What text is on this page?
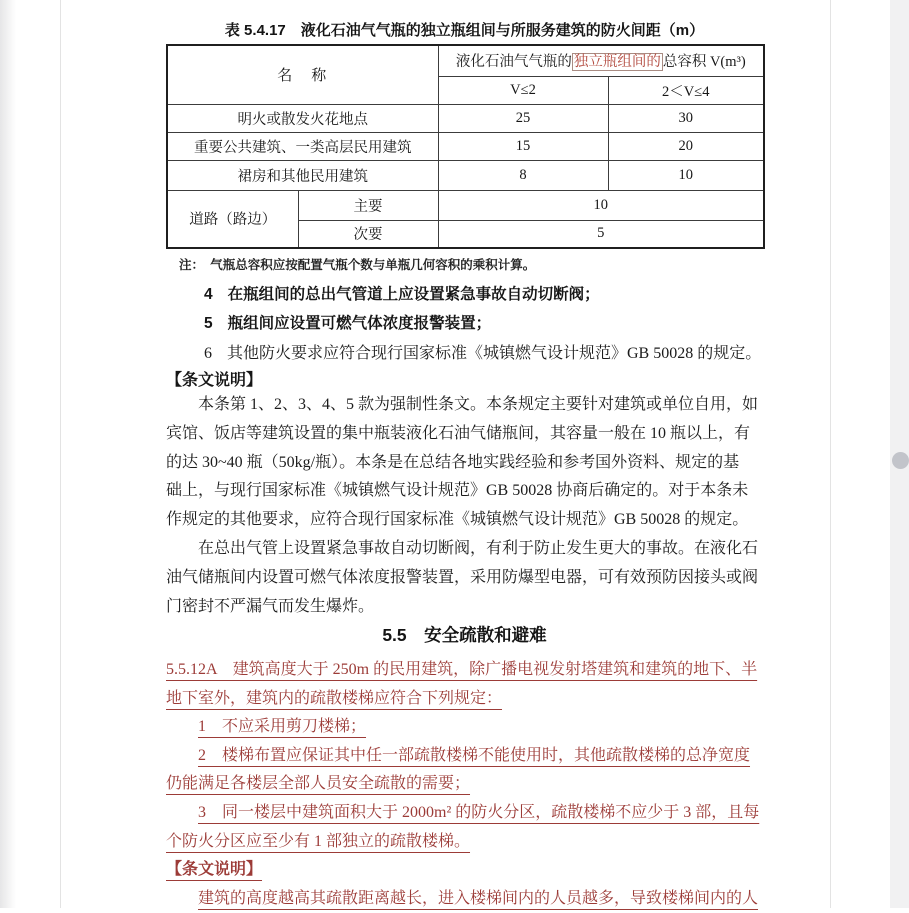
表 5.4.17　液化石油气气瓶的独立瓶组间与所服务建筑的防火间距（m）
名　称		液化石油气气瓶的 独立瓶组间的 总容积 V(m³)	
		V≤2	2＜V≤4
明火或散发火花地点		25	30
重要公共建筑、一类高层民用建筑		15	20
裙房和其他民用建筑		8	10
道路（路边）	主要	10	
	次要	5	
注：　气瓶总容积应按配置气瓶个数与单瓶几何容积的乘积计算。
4 在瓶组间的总出气管道上应设置紧急事故自动切断阀；
5 瓶组间应设置可燃气体浓度报警装置；
6 其他防火要求应符合现行国家标准《城镇燃气设计规范》GB 50028 的规定。
【条文说明】
本条第 1、2、3、4、5 款为强制性条文。本条规定主要针对建筑或单位自用，如
宾馆、饭店等建筑设置的集中瓶装液化石油气储瓶间，其容量一般在 10 瓶以上，有
的达 30~40 瓶（50kg/瓶）。本条是在总结各地实践经验和参考国外资料、规定的基
础上，与现行国家标准《城镇燃气设计规范》GB 50028 协商后确定的。对于本条未
作规定的其他要求，应符合现行国家标准《城镇燃气设计规范》GB 50028 的规定。
在总出气管上设置紧急事故自动切断阀，有利于防止发生更大的事故。在液化石
油气储瓶间内设置可燃气体浓度报警装置，采用防爆型电器，可有效预防因接头或阀
门密封不严漏气而发生爆炸。
5.5　安全疏散和避难
5.5.12A　建筑高度大于 250m 的民用建筑，除广播电视发射塔建筑和建筑的地下、半
地下室外，建筑内的疏散楼梯应符合下列规定：
1　不应采用剪刀楼梯；
2　楼梯布置应保证其中任一部疏散楼梯不能使用时，其他疏散楼梯的总净宽度
仍能满足各楼层全部人员安全疏散的需要；
3　同一楼层中建筑面积大于 2000m² 的防火分区，疏散楼梯不应少于 3 部，且每
个防火分区应至少有 1 部独立的疏散楼梯。
【条文说明】
建筑的高度越高其疏散距离越长，进入楼梯间内的人员越多，导致楼梯间内的人
